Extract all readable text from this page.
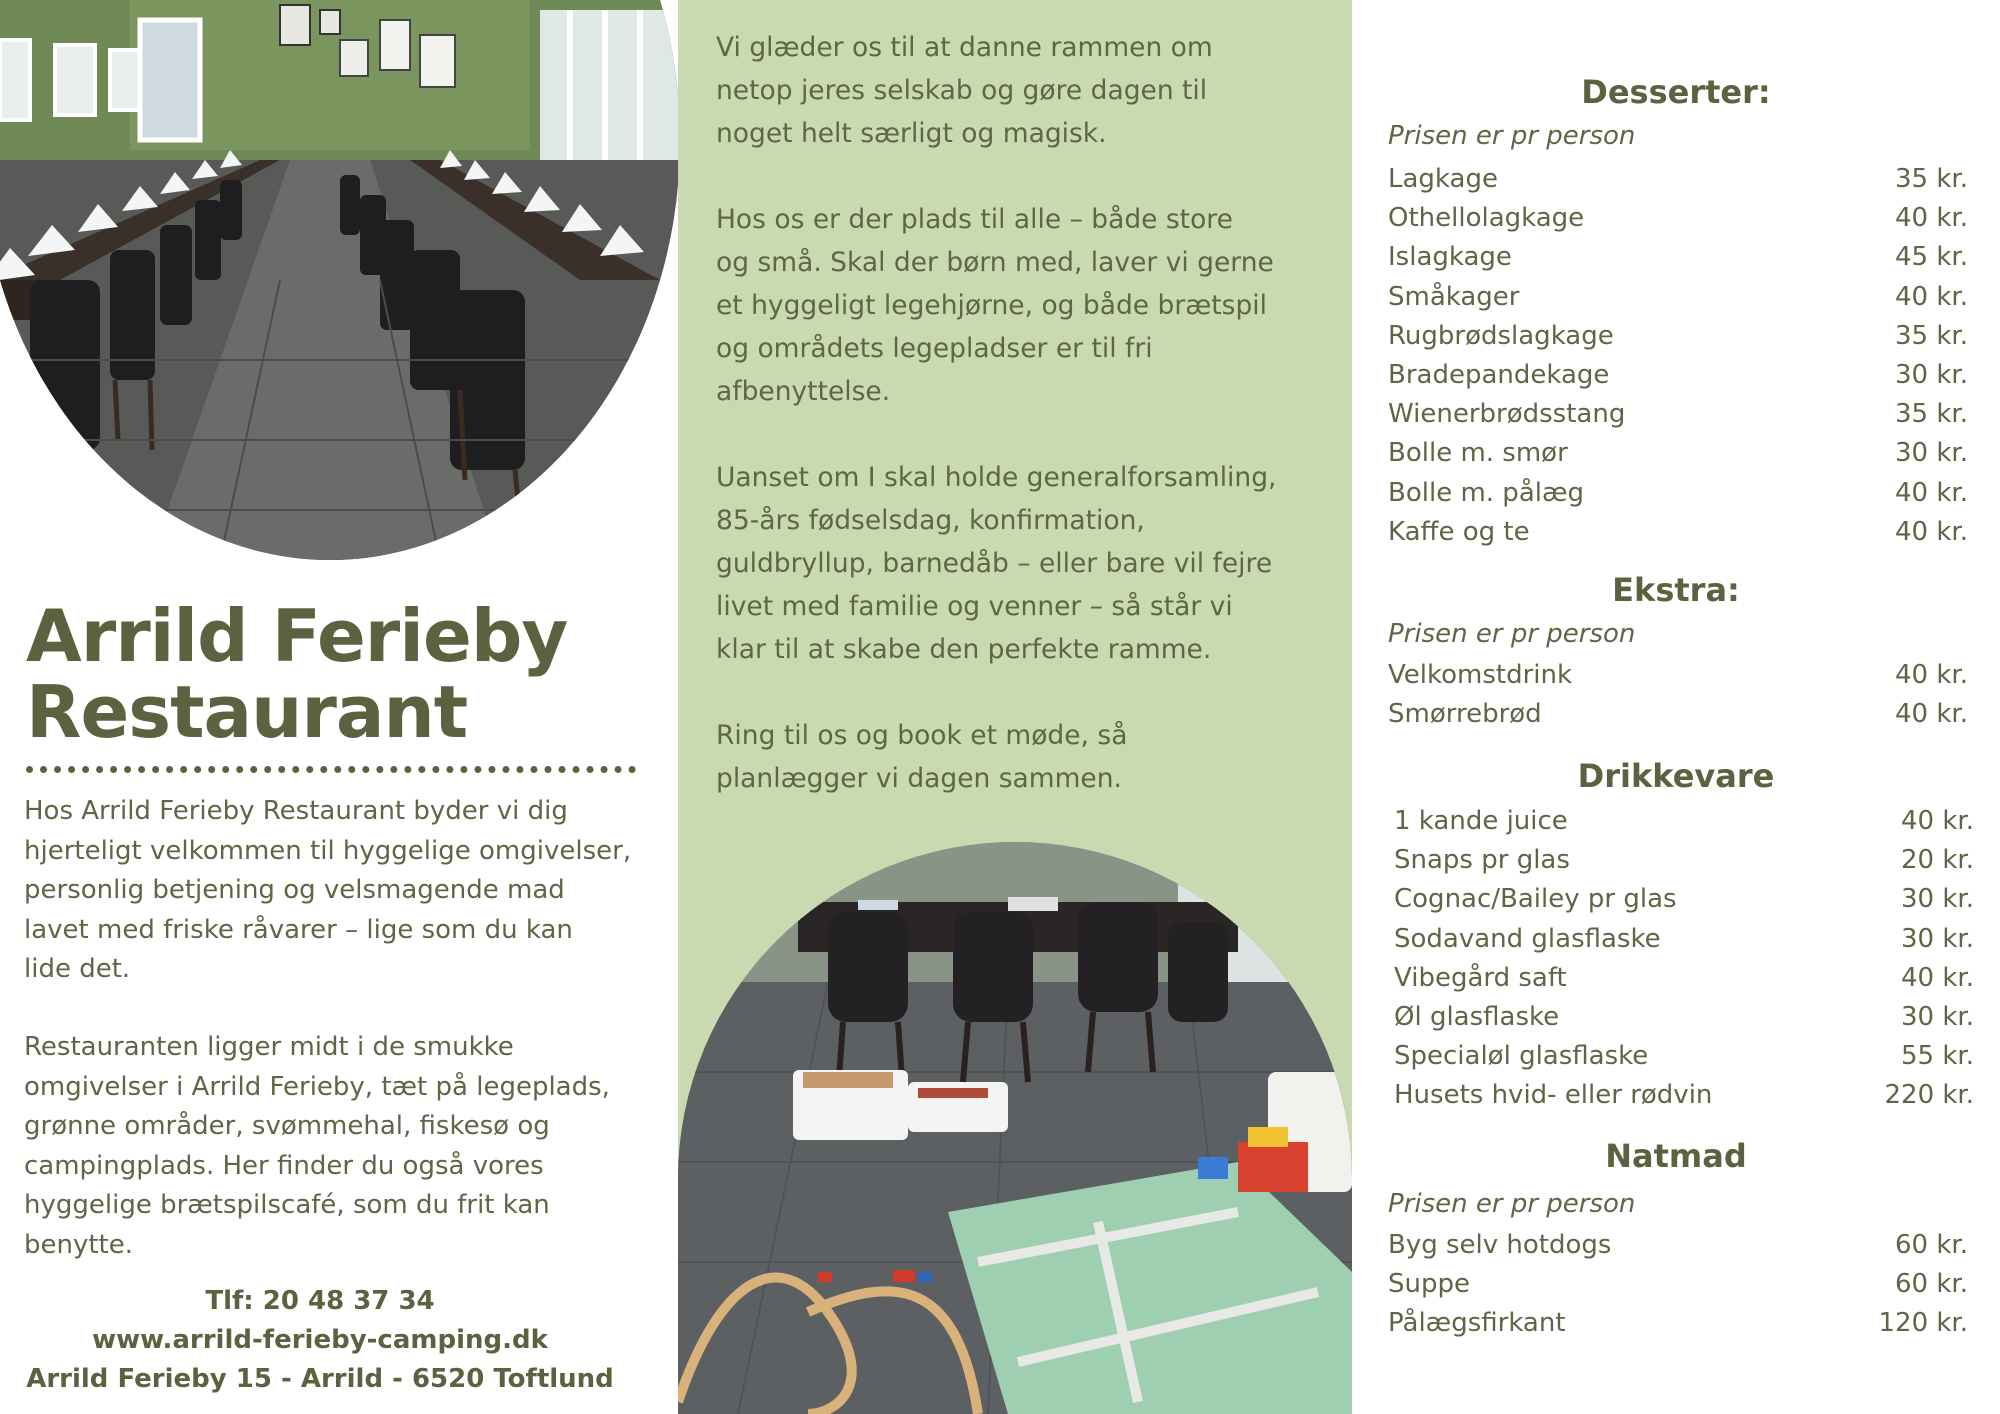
Arrild Ferieby
Restaurant

Hos Arrild Ferieby Restaurant byder vi dig
hjerteligt velkommen til hyggelige omgivelser,
personlig betjening og velsmagende mad
lavet med friske råvarer – lige som du kan
lide det.

Restauranten ligger midt i de smukke
omgivelser i Arrild Ferieby, tæt på legeplads,
grønne områder, svømmehal, fiskesø og
campingplads. Her finder du også vores
hyggelige brætspilscafé, som du frit kan
benytte.

Tlf: 20 48 37 34
www.arrild-ferieby-camping.dk
Arrild Ferieby 15 - Arrild - 6520 Toftlund

Vi glæder os til at danne rammen om
netop jeres selskab og gøre dagen til
noget helt særligt og magisk.

Hos os er der plads til alle – både store
og små. Skal der børn med, laver vi gerne
et hyggeligt legehjørne, og både brætspil
og områdets legepladser er til fri
afbenyttelse.

Uanset om I skal holde generalforsamling,
85-års fødselsdag, konfirmation,
guldbryllup, barnedåb – eller bare vil fejre
livet med familie og venner – så står vi
klar til at skabe den perfekte ramme.

Ring til os og book et møde, så
planlægger vi dagen sammen.

Desserter:
Prisen er pr person
Lagkage	35 kr.
Othellolagkage	40 kr.
Islagkage	45 kr.
Småkager	40 kr.
Rugbrødslagkage	35 kr.
Bradepandekage	30 kr.
Wienerbrødsstang	35 kr.
Bolle m. smør	30 kr.
Bolle m. pålæg	40 kr.
Kaffe og te	40 kr.
Ekstra:
Prisen er pr person
Velkomstdrink	40 kr.
Smørrebrød	40 kr.
Drikkevare
1 kande juice	40 kr.
Snaps pr glas	20 kr.
Cognac/Bailey pr glas	30 kr.
Sodavand glasflaske	30 kr.
Vibegård saft	40 kr.
Øl glasflaske	30 kr.
Specialøl glasflaske	55 kr.
Husets hvid- eller rødvin	220 kr.
Natmad
Prisen er pr person
Byg selv hotdogs	60 kr.
Suppe	60 kr.
Pålægsfirkant	120 kr.
